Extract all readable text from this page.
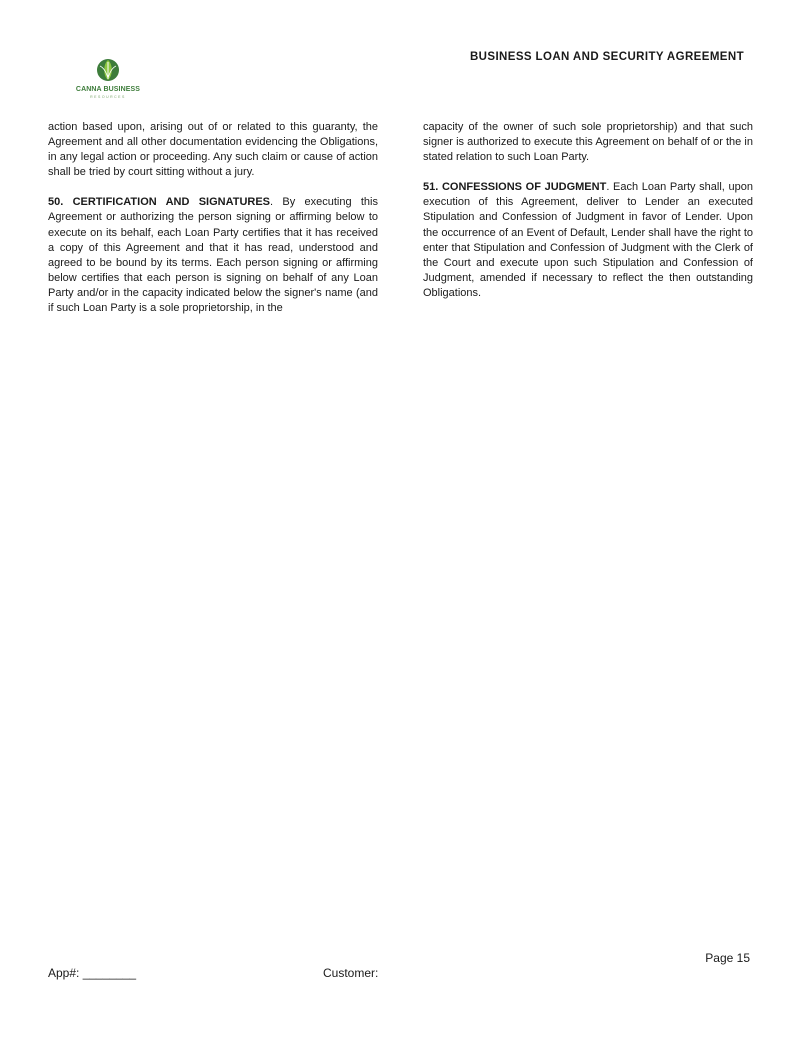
CANNA BUSINESS
RESOURCES
BUSINESS LOAN AND SECURITY AGREEMENT

action based upon, arising out of or related to this guaranty, the Agreement and all other documentation evidencing the Obligations, in any legal action or proceeding. Any such claim or cause of action shall be tried by court sitting without a jury.

50. CERTIFICATION AND SIGNATURES. By executing this Agreement or authorizing the person signing or affirming below to execute on its behalf, each Loan Party certifies that it has received a copy of this Agreement and that it has read, understood and agreed to be bound by its terms. Each person signing or affirming below certifies that each person is signing on behalf of any Loan Party and/or in the capacity indicated below the signer's name (and if such Loan Party is a sole proprietorship, in the

capacity of the owner of such sole proprietorship) and that such signer is authorized to execute this Agreement on behalf of or the in stated relation to such Loan Party.

51. CONFESSIONS OF JUDGMENT. Each Loan Party shall, upon execution of this Agreement, deliver to Lender an executed Stipulation and Confession of Judgment in favor of Lender. Upon the occurrence of an Event of Default, Lender shall have the right to enter that Stipulation and Confession of Judgment with the Clerk of the Court and execute upon such Stipulation and Confession of Judgment, amended if necessary to reflect the then outstanding Obligations.

Page 15
App#: ________	Customer:
